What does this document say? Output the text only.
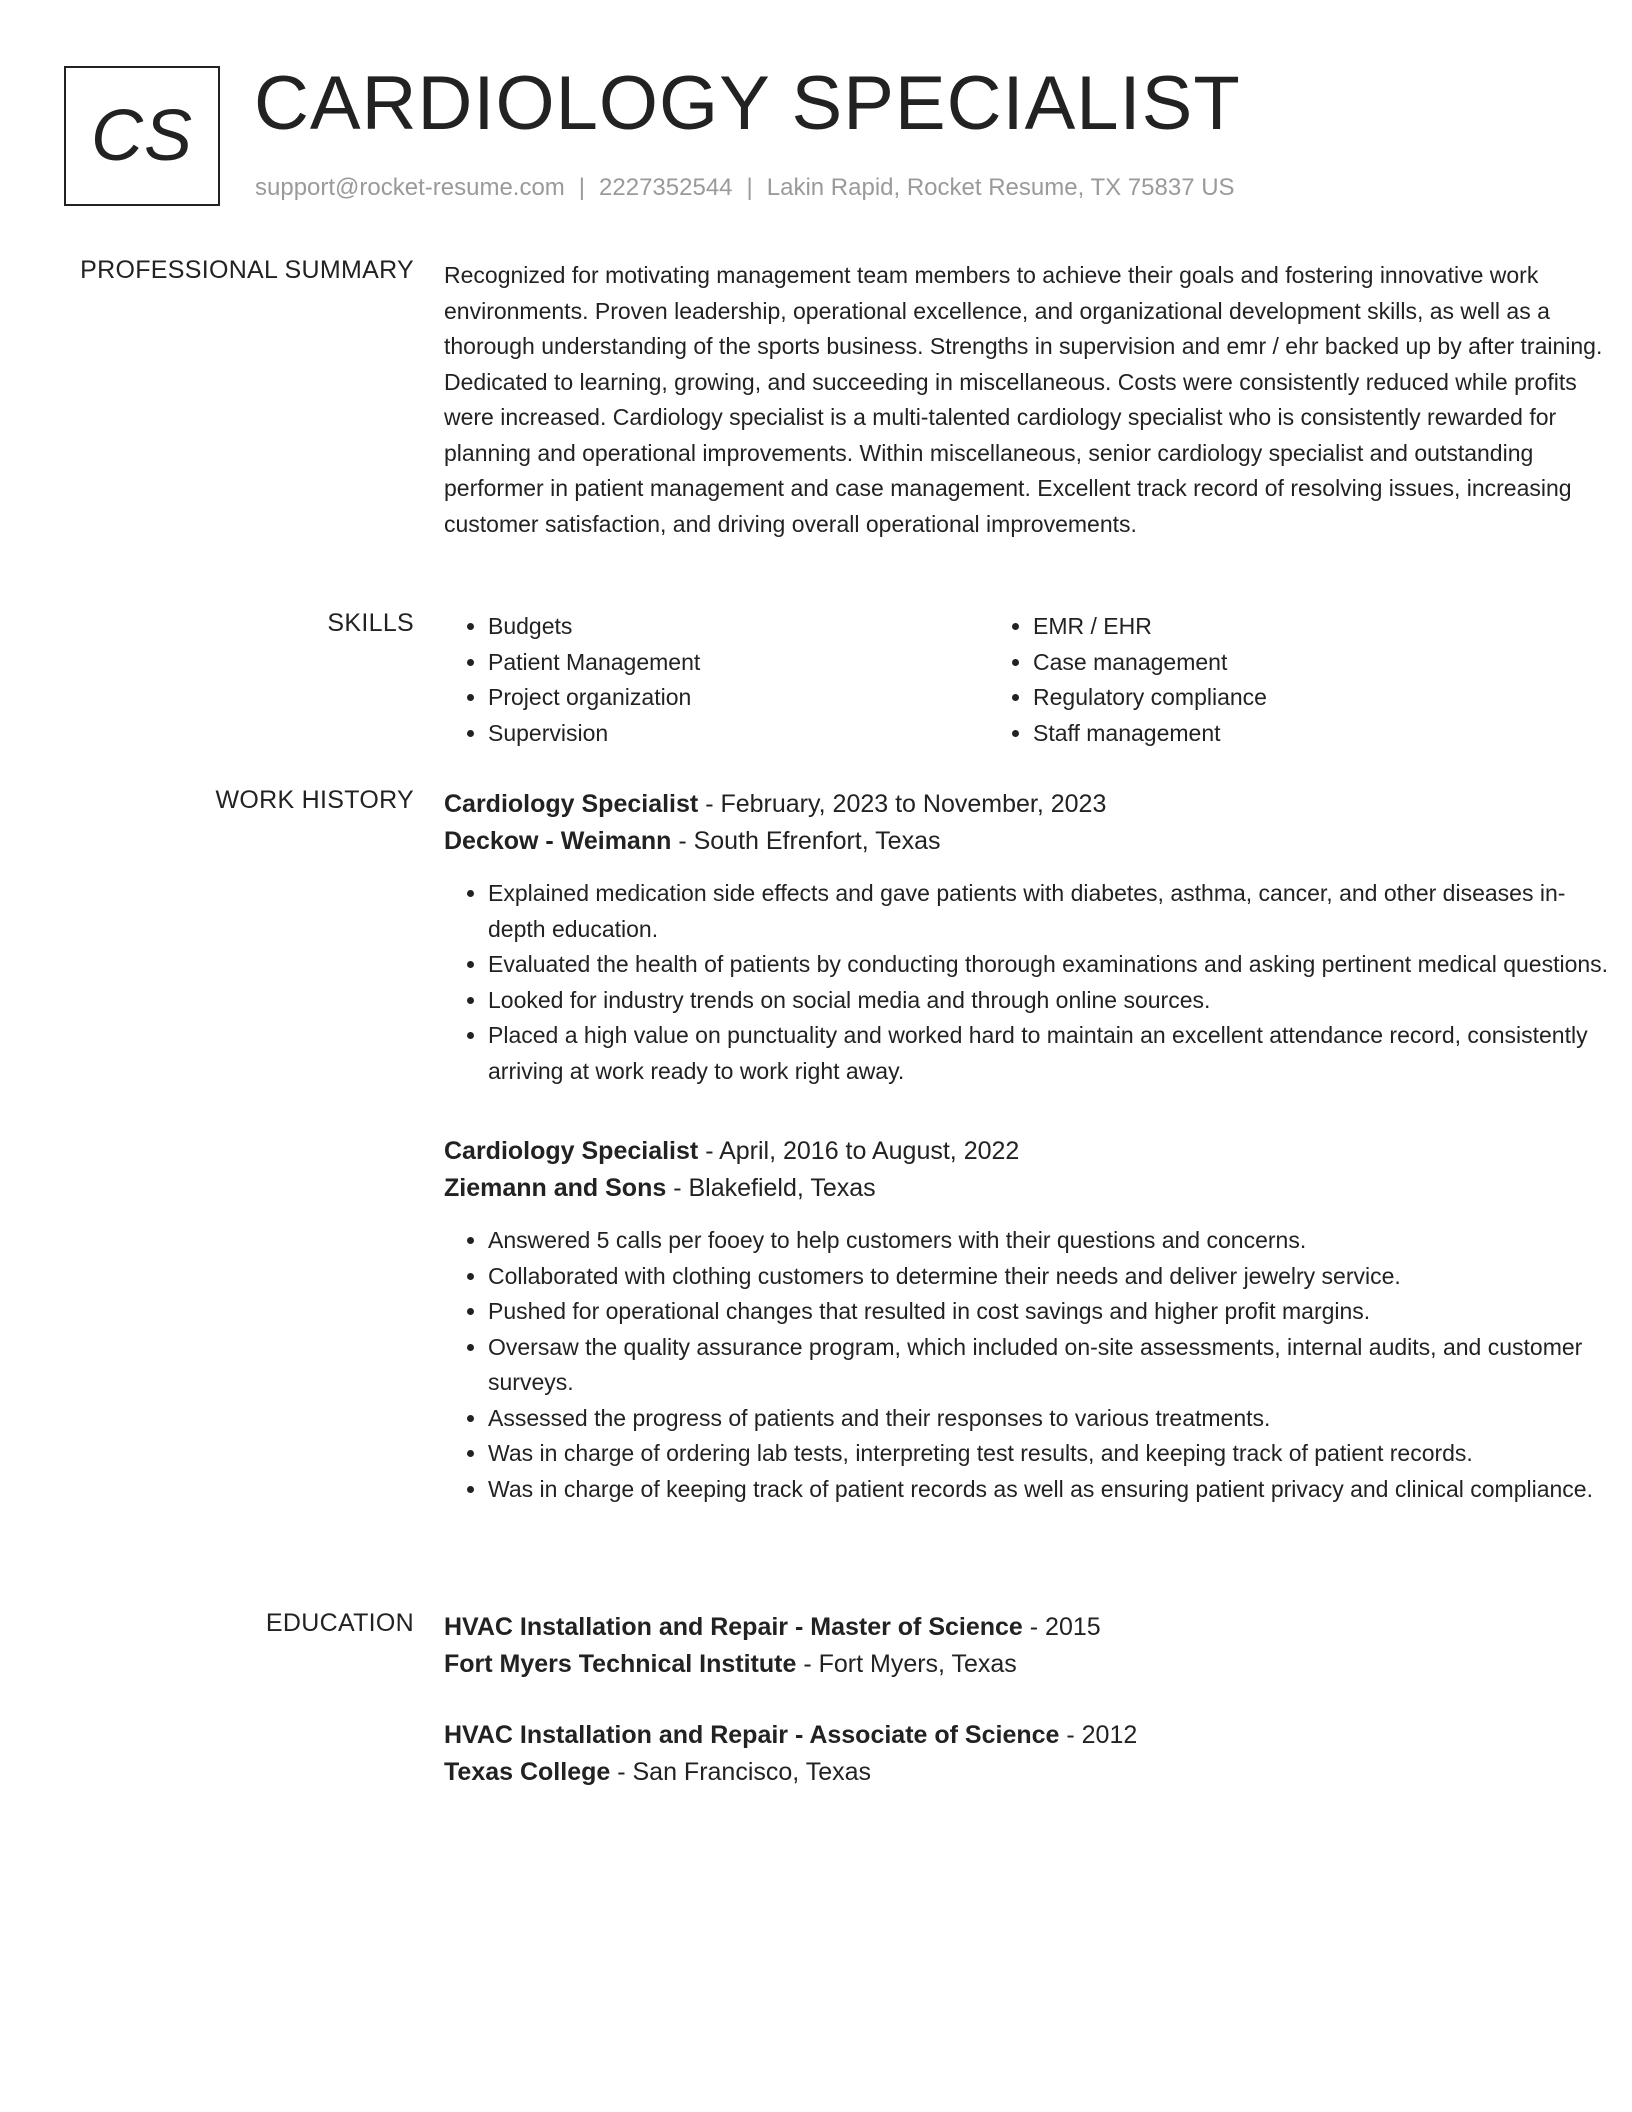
CS CARDIOLOGY SPECIALIST
support@rocket-resume.com | 2227352544 | Lakin Rapid, Rocket Resume, TX 75837 US
PROFESSIONAL SUMMARY Recognized for motivating management team members to achieve their goals and fostering innovative work environments. Proven leadership, operational excellence, and organizational development skills, as well as a thorough understanding of the sports business. Strengths in supervision and emr / ehr backed up by after training. Dedicated to learning, growing, and succeeding in miscellaneous. Costs were consistently reduced while profits were increased. Cardiology specialist is a multi-talented cardiology specialist who is consistently rewarded for planning and operational improvements. Within miscellaneous, senior cardiology specialist and outstanding performer in patient management and case management. Excellent track record of resolving issues, increasing customer satisfaction, and driving overall operational improvements.

SKILLS
•	Budgets
• Patient Management
• Project organization
• Supervision
• EMR / EHR
• Case management
• Regulatory compliance
• Staff management
WORK HISTORY Cardiology Specialist - February, 2023 to November, 2023
Deckow - Weimann - South Efrenfort, Texas
• Explained medication side effects and gave patients with diabetes, asthma, cancer, and other diseases in-depth education.
• Evaluated the health of patients by conducting thorough examinations and asking pertinent medical questions.
• Looked for industry trends on social media and through online sources.
• Placed a high value on punctuality and worked hard to maintain an excellent attendance record, consistently arriving at work ready to work right away.
Cardiology Specialist - April, 2016 to August, 2022
Ziemann and Sons - Blakefield, Texas
• Answered 5 calls per fooey to help customers with their questions and concerns.
• Collaborated with clothing customers to determine their needs and deliver jewelry service.
• Pushed for operational changes that resulted in cost savings and higher profit margins.
• Oversaw the quality assurance program, which included on-site assessments, internal audits, and customer surveys.
• Assessed the progress of patients and their responses to various treatments.
• Was in charge of ordering lab tests, interpreting test results, and keeping track of patient records.
• Was in charge of keeping track of patient records as well as ensuring patient privacy and clinical compliance.
EDUCATION HVAC Installation and Repair - Master of Science - 2015
Fort Myers Technical Institute - Fort Myers, Texas
HVAC Installation and Repair - Associate of Science - 2012
Texas College - San Francisco, Texas
